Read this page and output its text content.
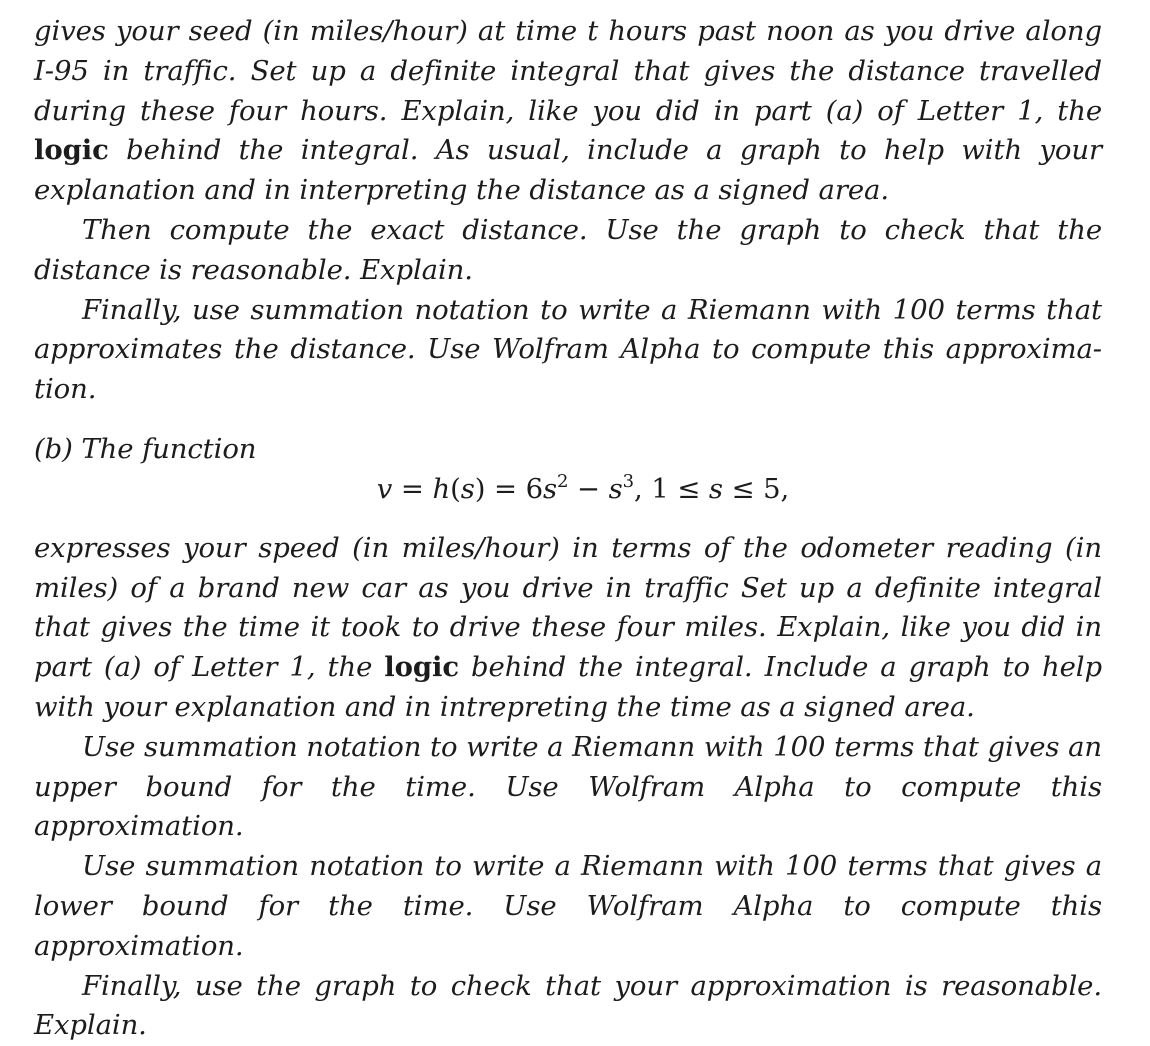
gives your seed (in miles/hour) at time t hours past noon as you drive along I-95 in traffic. Set up a definite integral that gives the distance travelled during these four hours. Explain, like you did in part (a) of Letter 1, the logic behind the integral. As usual, include a graph to help with your explanation and in interpreting the distance as a signed area.

Then compute the exact distance. Use the graph to check that the distance is reasonable. Explain.

Finally, use summation notation to write a Riemann with 100 terms that approximates the distance. Use Wolfram Alpha to compute this approxima-tion.

(b) The function

$v = h(s) = 6s^2 - s^3$, 1 ≤ s ≤ 5,

expresses your speed (in miles/hour) in terms of the odometer reading (in miles) of a brand new car as you drive in traffic Set up a definite integral that gives the time it took to drive these four miles. Explain, like you did in part (a) of Letter 1, the logic behind the integral. Include a graph to help with your explanation and in intrepreting the time as a signed area.

Use summation notation to write a Riemann with 100 terms that gives an upper bound for the time. Use Wolfram Alpha to compute this approximation.

Use summation notation to write a Riemann with 100 terms that gives a lower bound for the time. Use Wolfram Alpha to compute this approximation.

Finally, use the graph to check that your approximation is reasonable. Explain.
